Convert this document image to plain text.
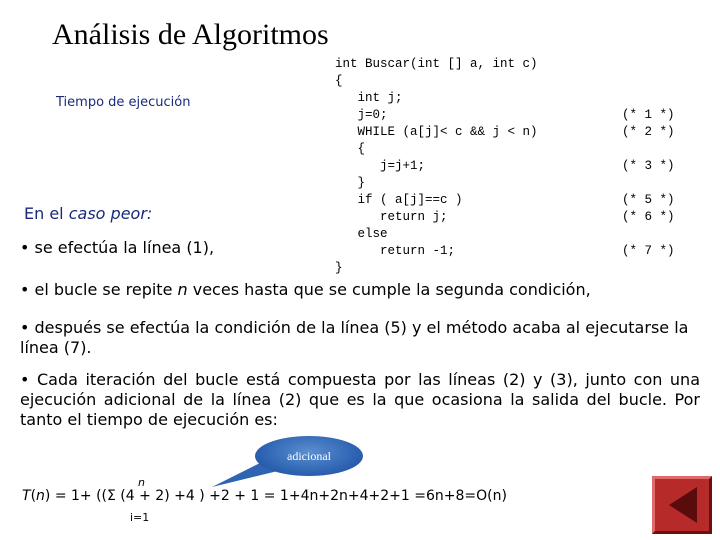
Análisis de Algoritmos
Tiempo de ejecución
int Buscar(int [] a, int c)
{
int j;
j=0;
WHILE (a[j]< c && j < n)
{
j=j+1;
}
if ( a[j]==c )
return j;
else
return -1;
}

(* 1 *)
(* 2 *)

(* 3 *)

(* 5 *)
(* 6 *)

(* 7 *)

En el caso peor:
• se efectúa la línea (1),
• el bucle se repite n veces hasta que se cumple la segunda condición,
• después se efectúa la condición de la línea (5) y el método acaba al ejecutarse la línea (7).
• Cada iteración del bucle está compuesta por las líneas (2) y (3), junto con una ejecución adicional de la línea (2) que es la que ocasiona la salida del bucle. Por tanto el tiempo de ejecución es:
adicional
n
T(n) = 1+ ((Σ (4 + 2) +4 ) +2 + 1 = 1+4n+2n+4+2+1 =6n+8=O(n)
i=1
